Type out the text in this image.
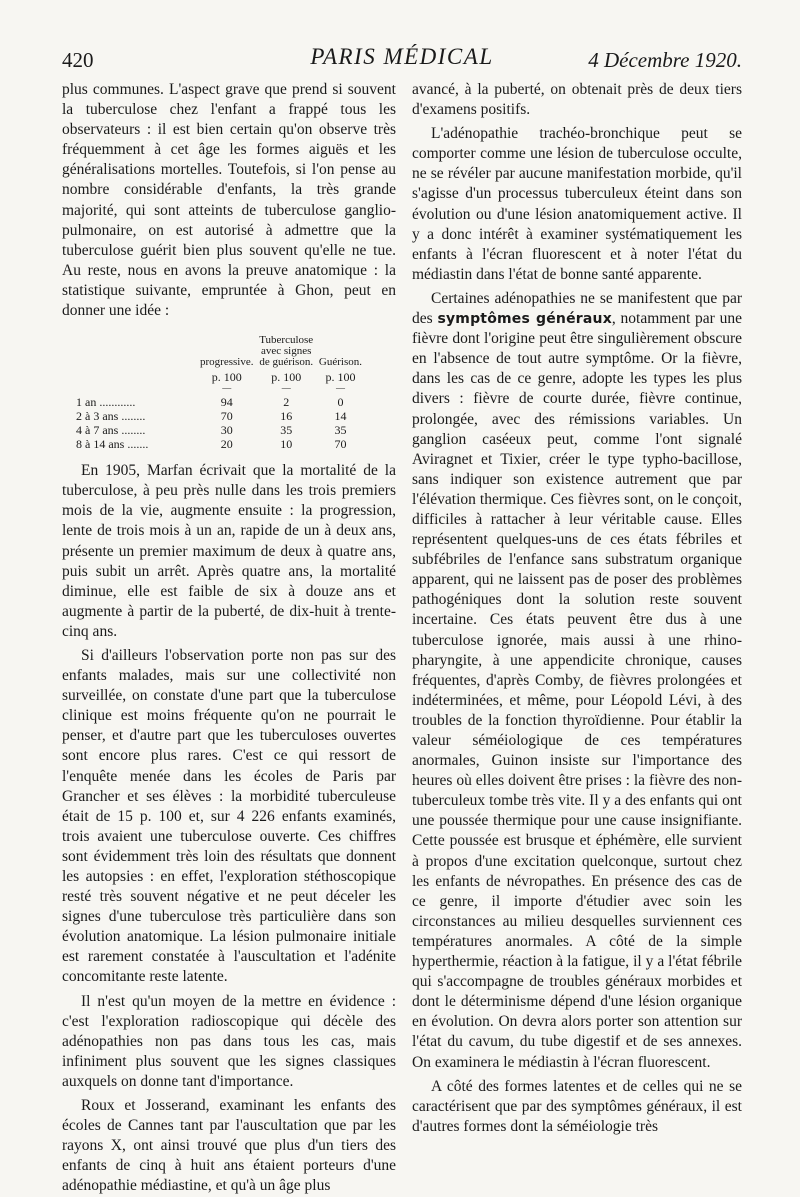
420	PARIS MÉDICAL	4 Décembre 1920.

plus communes. L'aspect grave que prend si souvent la tuberculose chez l'enfant a frappé tous les observateurs : il est bien certain qu'on observe très fréquemment à cet âge les formes aiguës et les généralisations mortelles. Toutefois, si l'on pense au nombre considérable d'enfants, la très grande majorité, qui sont atteints de tuberculose ganglio-pulmonaire, on est autorisé à admettre que la tuberculose guérit bien plus souvent qu'elle ne tue. Au reste, nous en avons la preuve anatomique : la statistique suivante, empruntée à Ghon, peut en donner une idée :

	progressive.	Tuberculose avec signes de guérison.	Guérison.
	p. 100	p. 100	p. 100
	—	—	—
1 an ............	94	2	0
2 à 3 ans ........	70	16	14
4 à 7 ans ........	30	35	35
8 à 14 ans .......	20	10	70

En 1905, Marfan écrivait que la mortalité de la tuberculose, à peu près nulle dans les trois premiers mois de la vie, augmente ensuite : la progression, lente de trois mois à un an, rapide de un à deux ans, présente un premier maximum de deux à quatre ans, puis subit un arrêt. Après quatre ans, la mortalité diminue, elle est faible de six à douze ans et augmente à partir de la puberté, de dix-huit à trente-cinq ans.

Si d'ailleurs l'observation porte non pas sur des enfants malades, mais sur une collectivité non surveillée, on constate d'une part que la tuberculose clinique est moins fréquente qu'on ne pourrait le penser, et d'autre part que les tuberculoses ouvertes sont encore plus rares. C'est ce qui ressort de l'enquête menée dans les écoles de Paris par Grancher et ses élèves : la morbidité tuberculeuse était de 15 p. 100 et, sur 4 226 enfants examinés, trois avaient une tuberculose ouverte. Ces chiffres sont évidemment très loin des résultats que donnent les autopsies : en effet, l'exploration stéthoscopique resté très souvent négative et ne peut déceler les signes d'une tuberculose très particulière dans son évolution anatomique. La lésion pulmonaire initiale est rarement constatée à l'auscultation et l'adénite concomitante reste latente.

Il n'est qu'un moyen de la mettre en évidence : c'est l'exploration radioscopique qui décèle des adénopathies non pas dans tous les cas, mais infiniment plus souvent que les signes classiques auxquels on donne tant d'importance.

Roux et Josserand, examinant les enfants des écoles de Cannes tant par l'auscultation que par les rayons X, ont ainsi trouvé que plus d'un tiers des enfants de cinq à huit ans étaient porteurs d'une adénopathie médiastine, et qu'à un âge plus

avancé, à la puberté, on obtenait près de deux tiers d'examens positifs.

L'adénopathie trachéo-bronchique peut se comporter comme une lésion de tuberculose occulte, ne se révéler par aucune manifestation morbide, qu'il s'agisse d'un processus tuberculeux éteint dans son évolution ou d'une lésion anatomiquement active. Il y a donc intérêt à examiner systématiquement les enfants à l'écran fluorescent et à noter l'état du médiastin dans l'état de bonne santé apparente.

Certaines adénopathies ne se manifestent que par des symptômes généraux, notamment par une fièvre dont l'origine peut être singulièrement obscure en l'absence de tout autre symptôme. Or la fièvre, dans les cas de ce genre, adopte les types les plus divers : fièvre de courte durée, fièvre continue, prolongée, avec des rémissions variables. Un ganglion caséeux peut, comme l'ont signalé Aviragnet et Tixier, créer le type typho-bacillose, sans indiquer son existence autrement que par l'élévation thermique. Ces fièvres sont, on le conçoit, difficiles à rattacher à leur véritable cause. Elles représentent quelques-uns de ces états fébriles et subfébriles de l'enfance sans substratum organique apparent, qui ne laissent pas de poser des problèmes pathogéniques dont la solution reste souvent incertaine. Ces états peuvent être dus à une tuberculose ignorée, mais aussi à une rhino-pharyngite, à une appendicite chronique, causes fréquentes, d'après Comby, de fièvres prolongées et indéterminées, et même, pour Léopold Lévi, à des troubles de la fonction thyroïdienne. Pour établir la valeur séméiologique de ces températures anormales, Guinon insiste sur l'importance des heures où elles doivent être prises : la fièvre des non-tuberculeux tombe très vite. Il y a des enfants qui ont une poussée thermique pour une cause insignifiante. Cette poussée est brusque et éphémère, elle survient à propos d'une excitation quelconque, surtout chez les enfants de névropathes. En présence des cas de ce genre, il importe d'étudier avec soin les circonstances au milieu desquelles surviennent ces températures anormales. A côté de la simple hyperthermie, réaction à la fatigue, il y a l'état fébrile qui s'accompagne de troubles généraux morbides et dont le déterminisme dépend d'une lésion organique en évolution. On devra alors porter son attention sur l'état du cavum, du tube digestif et de ses annexes. On examinera le médiastin à l'écran fluorescent.

A côté des formes latentes et de celles qui ne se caractérisent que par des symptômes généraux, il est d'autres formes dont la séméiologie très
